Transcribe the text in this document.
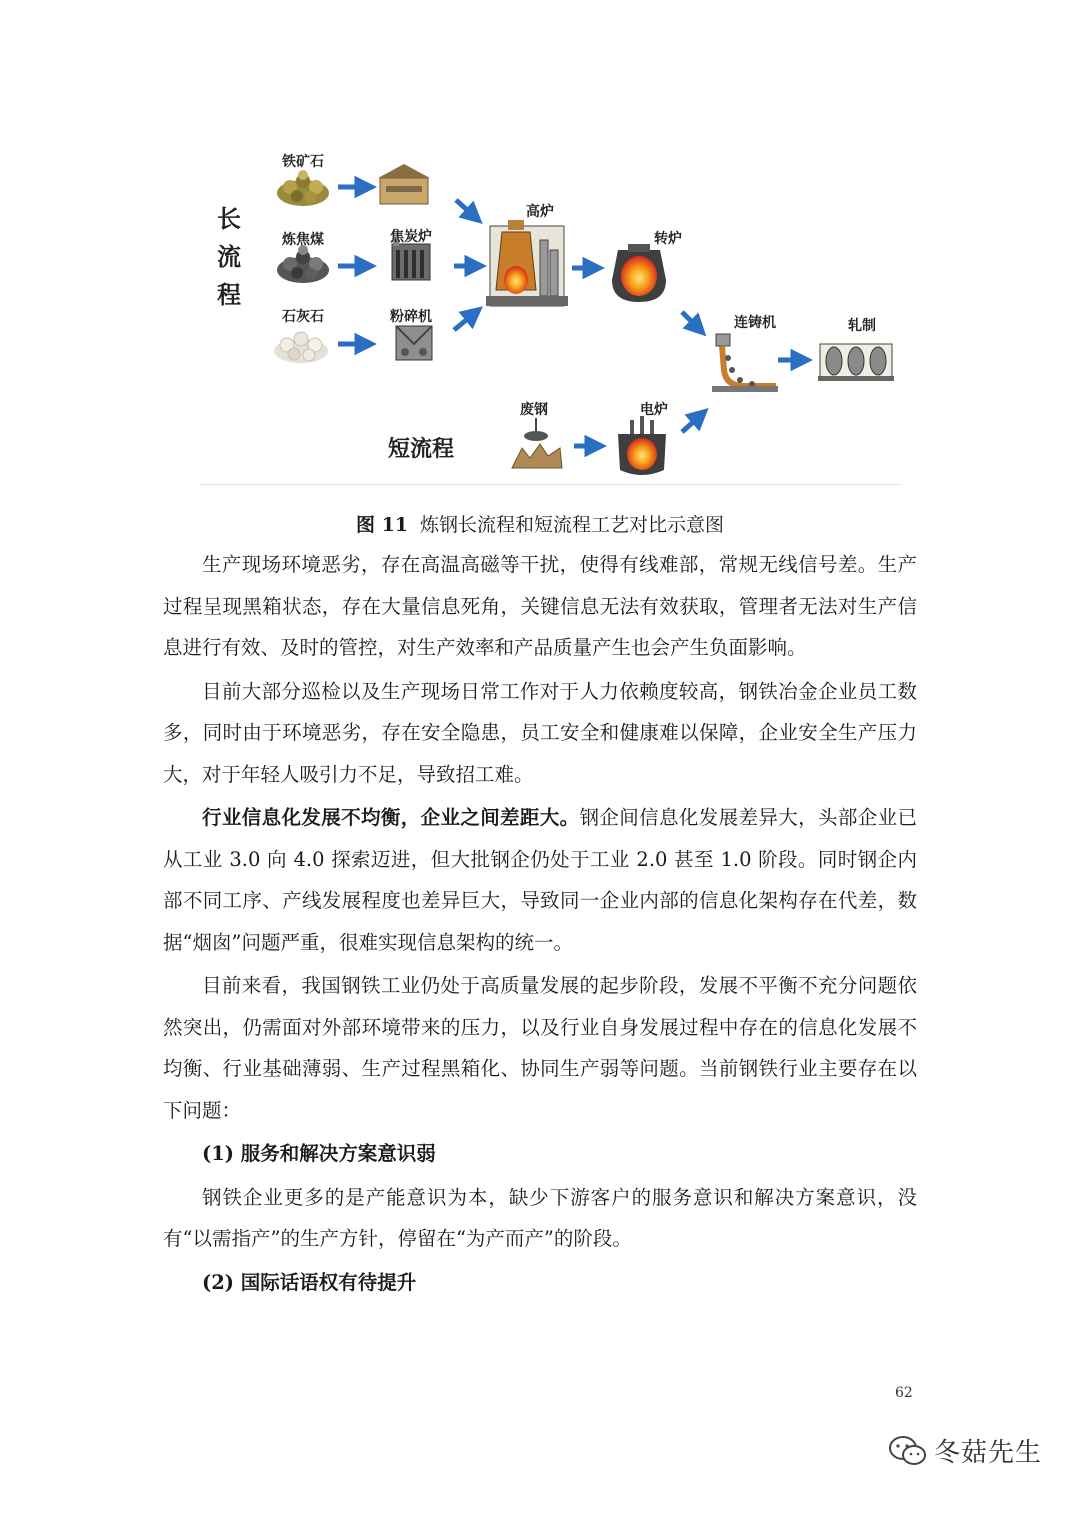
长流程
短流程
铁矿石
炼焦煤
石灰石
焦炭炉
粉碎机
高炉
转炉
连铸机	轧制
废钢	电炉
图 11 炼钢长流程和短流程工艺对比示意图

生产现场环境恶劣，存在高温高磁等干扰，使得有线难部，常规无线信号差。生产过程呈现黑箱状态，存在大量信息死角，关键信息无法有效获取，管理者无法对生产信息进行有效、及时的管控，对生产效率和产品质量产生也会产生负面影响。

目前大部分巡检以及生产现场日常工作对于人力依赖度较高，钢铁冶金企业员工数多，同时由于环境恶劣，存在安全隐患，员工安全和健康难以保障，企业安全生产压力大，对于年轻人吸引力不足，导致招工难。

行业信息化发展不均衡，企业之间差距大。钢企间信息化发展差异大，头部企业已从工业 3.0 向 4.0 探索迈进，但大批钢企仍处于工业 2.0 甚至 1.0 阶段。同时钢企内部不同工序、产线发展程度也差异巨大，导致同一企业内部的信息化架构存在代差，数据“烟囱”问题严重，很难实现信息架构的统一。

目前来看，我国钢铁工业仍处于高质量发展的起步阶段，发展不平衡不充分问题依然突出，仍需面对外部环境带来的压力，以及行业自身发展过程中存在的信息化发展不均衡、行业基础薄弱、生产过程黑箱化、协同生产弱等问题。当前钢铁行业主要存在以下问题：

(1) 服务和解决方案意识弱

钢铁企业更多的是产能意识为本，缺少下游客户的服务意识和解决方案意识，没有“以需指产”的生产方针，停留在“为产而产”的阶段。

(2) 国际话语权有待提升
62
冬菇先生
